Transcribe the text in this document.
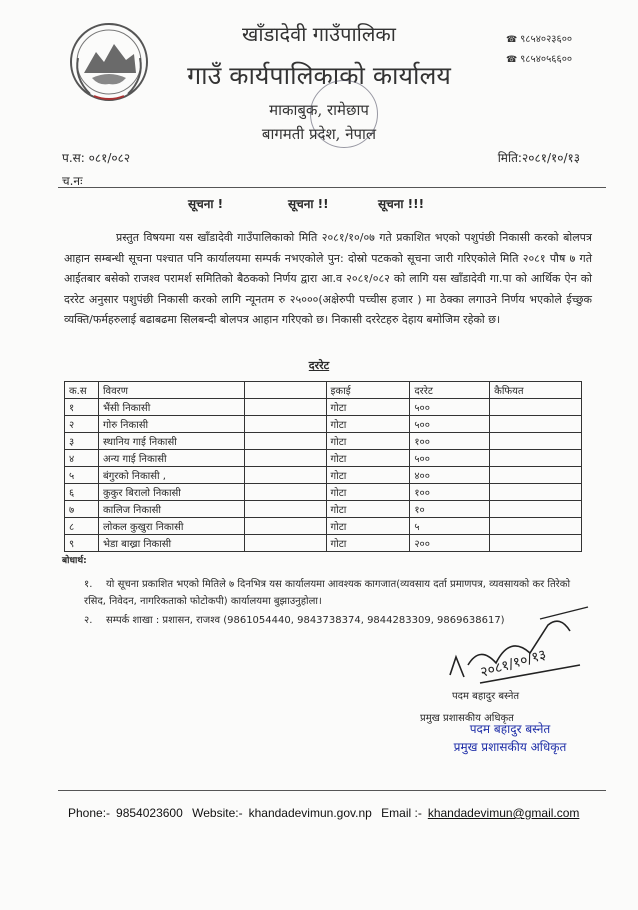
खाँडादेवी गाउँपालिका
गाउँ कार्यपालिकाको कार्यालय
माकाबुक, रामेछाप
बागमती प्रदेश, नेपाल
☎ ९८५४०२३६००
☎ ९८५४०५६६००
प.स: ०८१/०८२
च.नः
मिति:२०८१/१०/१३
सूचना !	सूचना !!	सूचना !!!
प्रस्तुत विषयमा यस खाँडादेवी गाउँपालिकाको मिति २०८१/१०/०७ गते प्रकाशित भएको पशुपंछी निकासी करको बोलपत्र आहान सम्बन्धी सूचना पश्चात पनि कार्यालयमा सम्पर्क नभएकोले पुन: दोस्रो पटकको सूचना जारी गरिएकोले मिति २०८१ पौष ७ गते आईतबार बसेको राजश्व परामर्श समितिको बैठकको निर्णय द्वारा आ.व २०८१/०८२ को लागि यस खाँडादेवी गा.पा को आर्थिक ऐन को दररेट अनुसार पशुपंछी निकासी करको लागि न्यूनतम रु २५०००(अक्षेरुपी पच्चीस हजार ) मा ठेक्का लगाउने निर्णय भएकोले ईच्छुक व्यक्ति/फर्महरुलाई बढाबढमा सिलबन्दी बोलपत्र आहान गरिएको छ। निकासी दररेटहरु देहाय बमोजिम रहेको छ।
दररेट
क.स	विवरण		इकाई	दररेट	कैफियत
१	भैंसी निकासी		गोटा	५००	
२	गोरु निकासी		गोटा	५००	
३	स्थानिय गाई निकासी		गोटा	१००	
४	अन्य गाई निकासी		गोटा	५००	
५	बंगुरको निकासी ,		गोटा	४००	
६	कुकुर बिरालो निकासी		गोटा	१००	
७	कालिज निकासी		गोटा	१०	
८	लोकल कुखुरा निकासी		गोटा	५	
९	भेडा बाख्रा निकासी		गोटा	२००	
बोधार्थ:
१. यो सूचना प्रकाशित भएको मितिले ७ दिनभित्र यस कार्यालयमा आवश्यक कागजात(व्यवसाय दर्ता प्रमाणपत्र, व्यवसायको कर तिरेको रसिद, निवेदन, नागरिकताको फोटोकपी) कार्यालयमा बुझाउनुहोला।
२. सम्पर्क शाखा : प्रशासन, राजश्व (9861054440, 9843738374, 9844283309, 9869638617)
२०८१/१०/१३
पदम बहादुर बस्नेत
प्रमुख प्रशासकीय अधिकृत
पदम बहादुर बस्नेत
प्रमुख प्रशासकीय अधिकृत
Phone:- 9854023600 Website:- khandadevimun.gov.np Email :- khandadevimun@gmail.com
